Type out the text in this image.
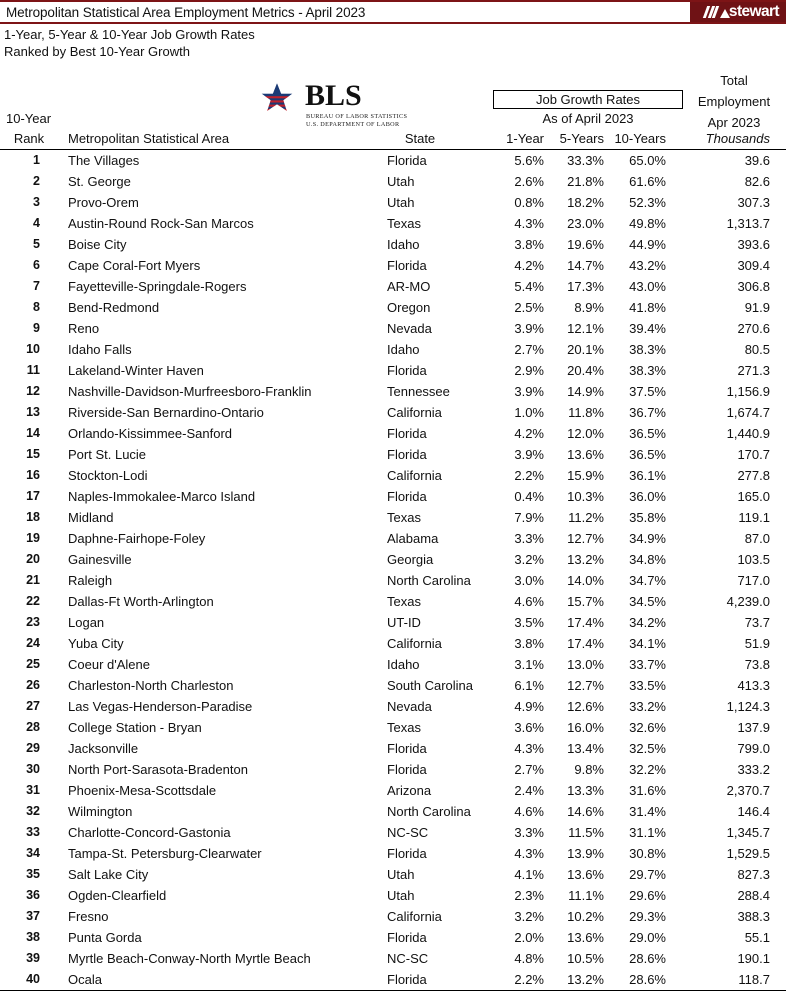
Metropolitan Statistical Area Employment Metrics - April 2023	stewart
1-Year, 5-Year & 10-Year Job Growth Rates
Ranked by Best 10-Year Growth
10-Year
BLS
BUREAU OF LABOR STATISTICS
U.S. DEPARTMENT OF LABOR
Job Growth Rates
As of April 2023
Total
Employment
Apr 2023
Rank	Metropolitan Statistical Area	State	1-Year	5-Years	10-Years	Thousands
1	The Villages	Florida	5.6%	33.3%	65.0%	39.6
2	St. George	Utah	2.6%	21.8%	61.6%	82.6
3	Provo-Orem	Utah	0.8%	18.2%	52.3%	307.3
4	Austin-Round Rock-San Marcos	Texas	4.3%	23.0%	49.8%	1,313.7
5	Boise City	Idaho	3.8%	19.6%	44.9%	393.6
6	Cape Coral-Fort Myers	Florida	4.2%	14.7%	43.2%	309.4
7	Fayetteville-Springdale-Rogers	AR-MO	5.4%	17.3%	43.0%	306.8
8	Bend-Redmond	Oregon	2.5%	8.9%	41.8%	91.9
9	Reno	Nevada	3.9%	12.1%	39.4%	270.6
10	Idaho Falls	Idaho	2.7%	20.1%	38.3%	80.5
11	Lakeland-Winter Haven	Florida	2.9%	20.4%	38.3%	271.3
12	Nashville-Davidson-Murfreesboro-Franklin	Tennessee	3.9%	14.9%	37.5%	1,156.9
13	Riverside-San Bernardino-Ontario	California	1.0%	11.8%	36.7%	1,674.7
14	Orlando-Kissimmee-Sanford	Florida	4.2%	12.0%	36.5%	1,440.9
15	Port St. Lucie	Florida	3.9%	13.6%	36.5%	170.7
16	Stockton-Lodi	California	2.2%	15.9%	36.1%	277.8
17	Naples-Immokalee-Marco Island	Florida	0.4%	10.3%	36.0%	165.0
18	Midland	Texas	7.9%	11.2%	35.8%	119.1
19	Daphne-Fairhope-Foley	Alabama	3.3%	12.7%	34.9%	87.0
20	Gainesville	Georgia	3.2%	13.2%	34.8%	103.5
21	Raleigh	North Carolina	3.0%	14.0%	34.7%	717.0
22	Dallas-Ft Worth-Arlington	Texas	4.6%	15.7%	34.5%	4,239.0
23	Logan	UT-ID	3.5%	17.4%	34.2%	73.7
24	Yuba City	California	3.8%	17.4%	34.1%	51.9
25	Coeur d'Alene	Idaho	3.1%	13.0%	33.7%	73.8
26	Charleston-North Charleston	South Carolina	6.1%	12.7%	33.5%	413.3
27	Las Vegas-Henderson-Paradise	Nevada	4.9%	12.6%	33.2%	1,124.3
28	College Station - Bryan	Texas	3.6%	16.0%	32.6%	137.9
29	Jacksonville	Florida	4.3%	13.4%	32.5%	799.0
30	North Port-Sarasota-Bradenton	Florida	2.7%	9.8%	32.2%	333.2
31	Phoenix-Mesa-Scottsdale	Arizona	2.4%	13.3%	31.6%	2,370.7
32	Wilmington	North Carolina	4.6%	14.6%	31.4%	146.4
33	Charlotte-Concord-Gastonia	NC-SC	3.3%	11.5%	31.1%	1,345.7
34	Tampa-St. Petersburg-Clearwater	Florida	4.3%	13.9%	30.8%	1,529.5
35	Salt Lake City	Utah	4.1%	13.6%	29.7%	827.3
36	Ogden-Clearfield	Utah	2.3%	11.1%	29.6%	288.4
37	Fresno	California	3.2%	10.2%	29.3%	388.3
38	Punta Gorda	Florida	2.0%	13.6%	29.0%	55.1
39	Myrtle Beach-Conway-North Myrtle Beach	NC-SC	4.8%	10.5%	28.6%	190.1
40	Ocala	Florida	2.2%	13.2%	28.6%	118.7
